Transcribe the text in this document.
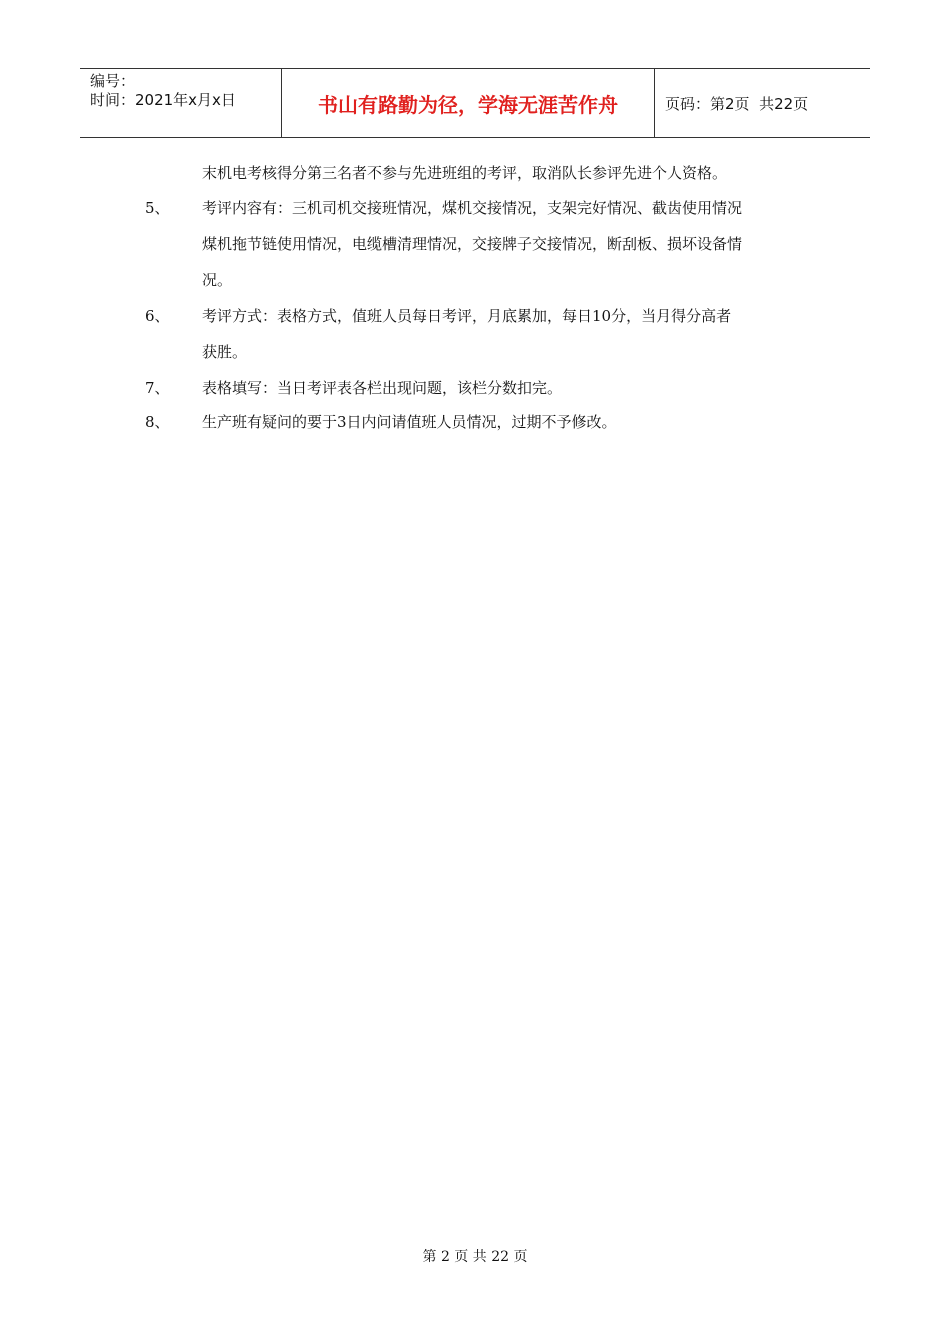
编号：
时间：2021年x月x日	书山有路勤为径，学海无涯苦作舟	页码：第2页  共22页
末机电考核得分第三名者不参与先进班组的考评，取消队长参评先进个人资格。
5、 考评内容有：三机司机交接班情况，煤机交接情况，支架完好情况、截齿使用情况
煤机拖节链使用情况，电缆槽清理情况，交接牌子交接情况，断刮板、损坏设备情
况。
6、 考评方式：表格方式，值班人员每日考评，月底累加，每日10分，当月得分高者
获胜。
7、 表格填写：当日考评表各栏出现问题，该栏分数扣完。
8、 生产班有疑问的要于3日内问请值班人员情况，过期不予修改。
第 2 页 共 22 页
